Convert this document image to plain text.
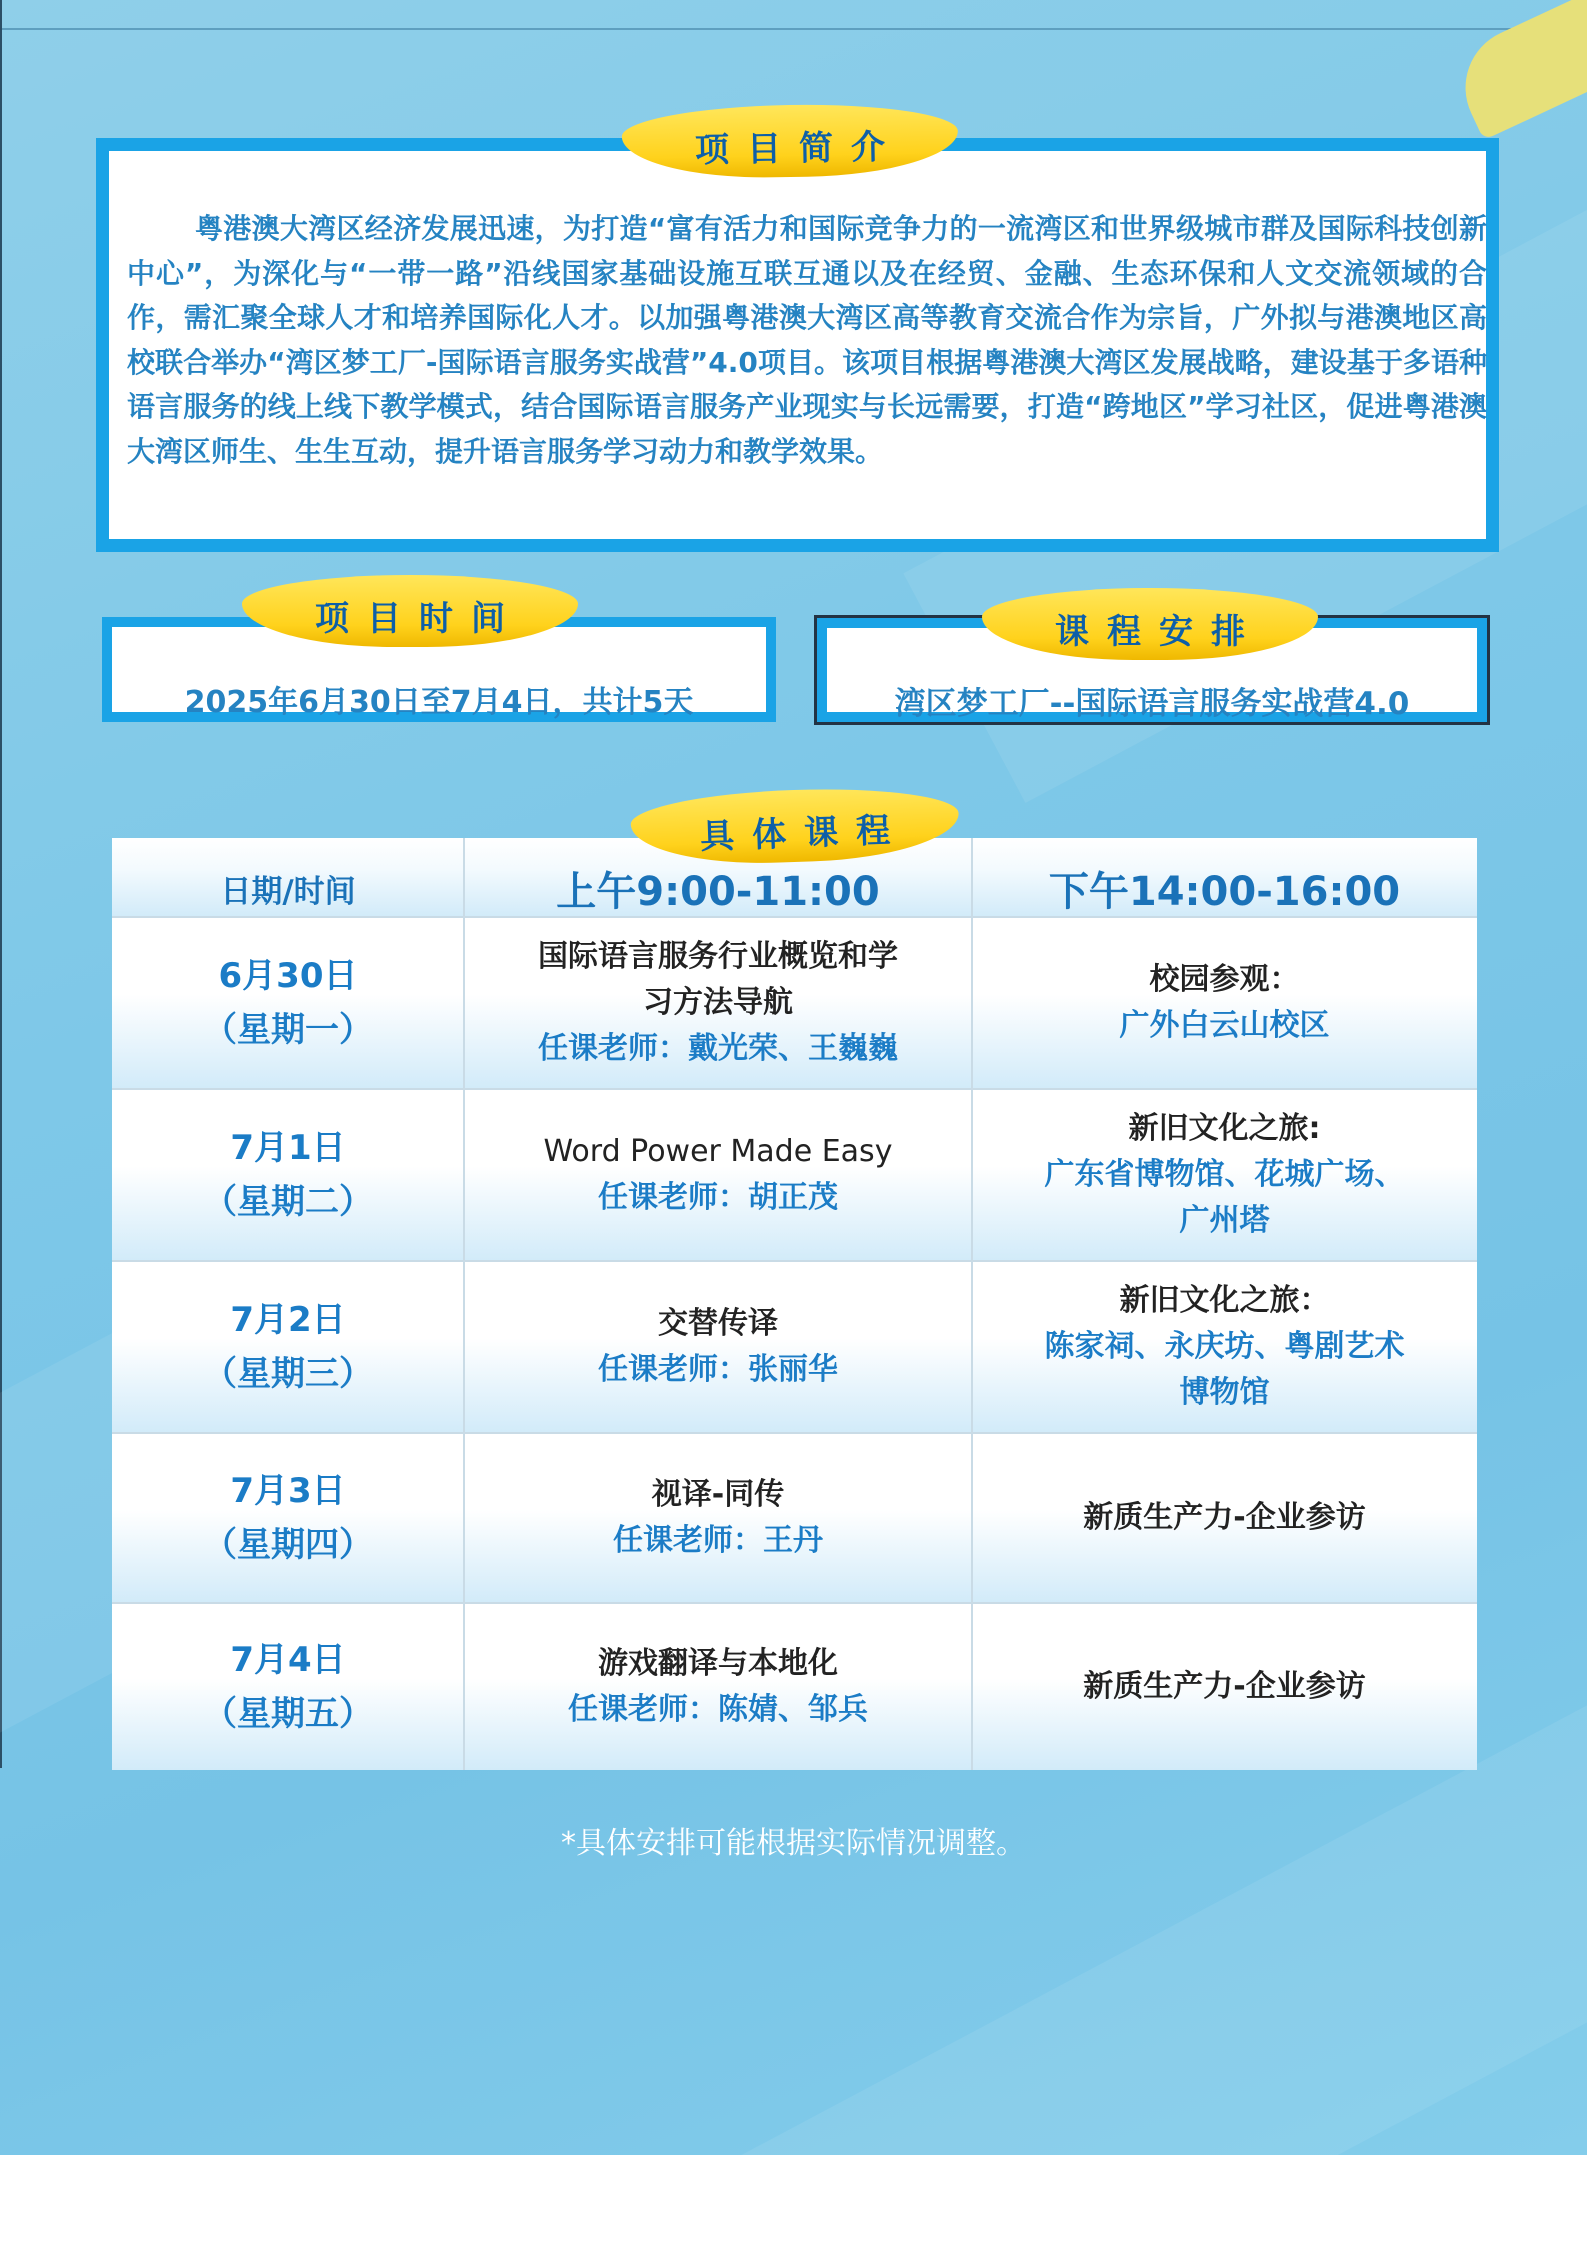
粤港澳大湾区经济发展迅速，为打造“富有活力和国际竞争力的一流湾区和世界级城市群及国际科技创新中心”，为深化与“一带一路”沿线国家基础设施互联互通以及在经贸、金融、生态环保和人文交流领域的合作，需汇聚全球人才和培养国际化人才。以加强粤港澳大湾区高等教育交流合作为宗旨，广外拟与港澳地区高校联合举办“湾区梦工厂-国际语言服务实战营”4.0项目。该项目根据粤港澳大湾区发展战略，建设基于多语种语言服务的线上线下教学模式，结合国际语言服务产业现实与长远需要，打造“跨地区”学习社区，促进粤港澳大湾区师生、生生互动，提升语言服务学习动力和教学效果。
项目简介
2025年6月30日至7月4日，共计5天
项目时间
湾区梦工厂--国际语言服务实战营4.0
课程安排
日期/时间	上午9:00-11:00	下午14:00-16:00
6月30日
（星期一）
国际语言服务行业概览和学
习方法导航
任课老师：戴光荣、王巍巍
校园参观：
广外白云山校区
7月1日
（星期二）
Word Power Made Easy
任课老师：胡正茂
新旧文化之旅:
广东省博物馆、花城广场、
广州塔
7月2日
（星期三）
交替传译
任课老师：张丽华
新旧文化之旅：
陈家祠、永庆坊、粤剧艺术
博物馆
7月3日
（星期四）
视译-同传
任课老师：王丹
新质生产力-企业参访
7月4日
（星期五）
游戏翻译与本地化
任课老师：陈婧、邹兵
新质生产力-企业参访
具体课程
*具体安排可能根据实际情况调整。
